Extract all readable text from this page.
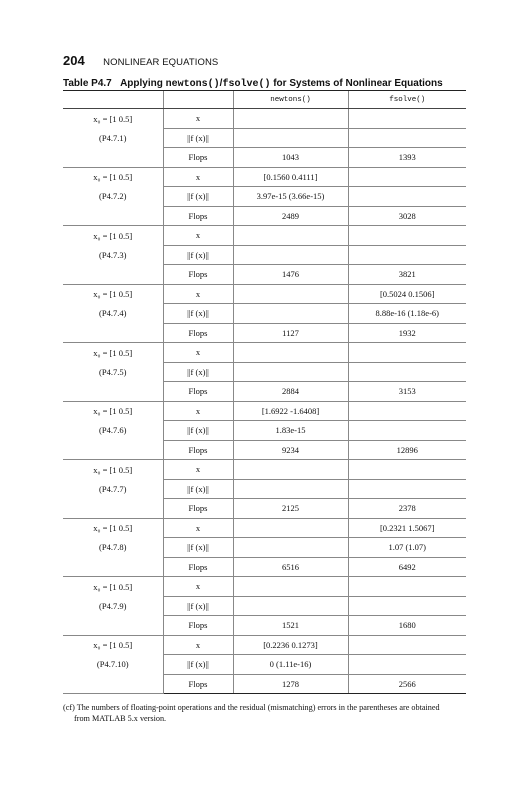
204 NONLINEAR EQUATIONS
Table P4.7 Applying newtons()/fsolve() for Systems of Nonlinear Equations
		newtons()	fsolve()
x₀ = [1 0.5]	x		
(P4.7.1)	||f (x)||		
	Flops	1043	1393
x₀ = [1 0.5]	x	[0.1560 0.4111]	
(P4.7.2)	||f (x)||	3.97e-15 (3.66e-15)	
	Flops	2489	3028
x₀ = [1 0.5]	x		
(P4.7.3)	||f (x)||		
	Flops	1476	3821
x₀ = [1 0.5]	x		[0.5024 0.1506]
(P4.7.4)	||f (x)||		8.88e-16 (1.18e-6)
	Flops	1127	1932
x₀ = [1 0.5]	x		
(P4.7.5)	||f (x)||		
	Flops	2884	3153
x₀ = [1 0.5]	x	[1.6922 -1.6408]	
(P4.7.6)	||f (x)||	1.83e-15	
	Flops	9234	12896
x₀ = [1 0.5]	x		
(P4.7.7)	||f (x)||		
	Flops	2125	2378
x₀ = [1 0.5]	x		[0.2321 1.5067]
(P4.7.8)	||f (x)||		1.07 (1.07)
	Flops	6516	6492
x₀ = [1 0.5]	x		
(P4.7.9)	||f (x)||		
	Flops	1521	1680
x₀ = [1 0.5]	x	[0.2236 0.1273]	
(P4.7.10)	||f (x)||	0 (1.11e-16)	
	Flops	1278	2566
(cf) The numbers of floating-point operations and the residual (mismatching) errors in the parentheses are obtained
from MATLAB 5.x version.
